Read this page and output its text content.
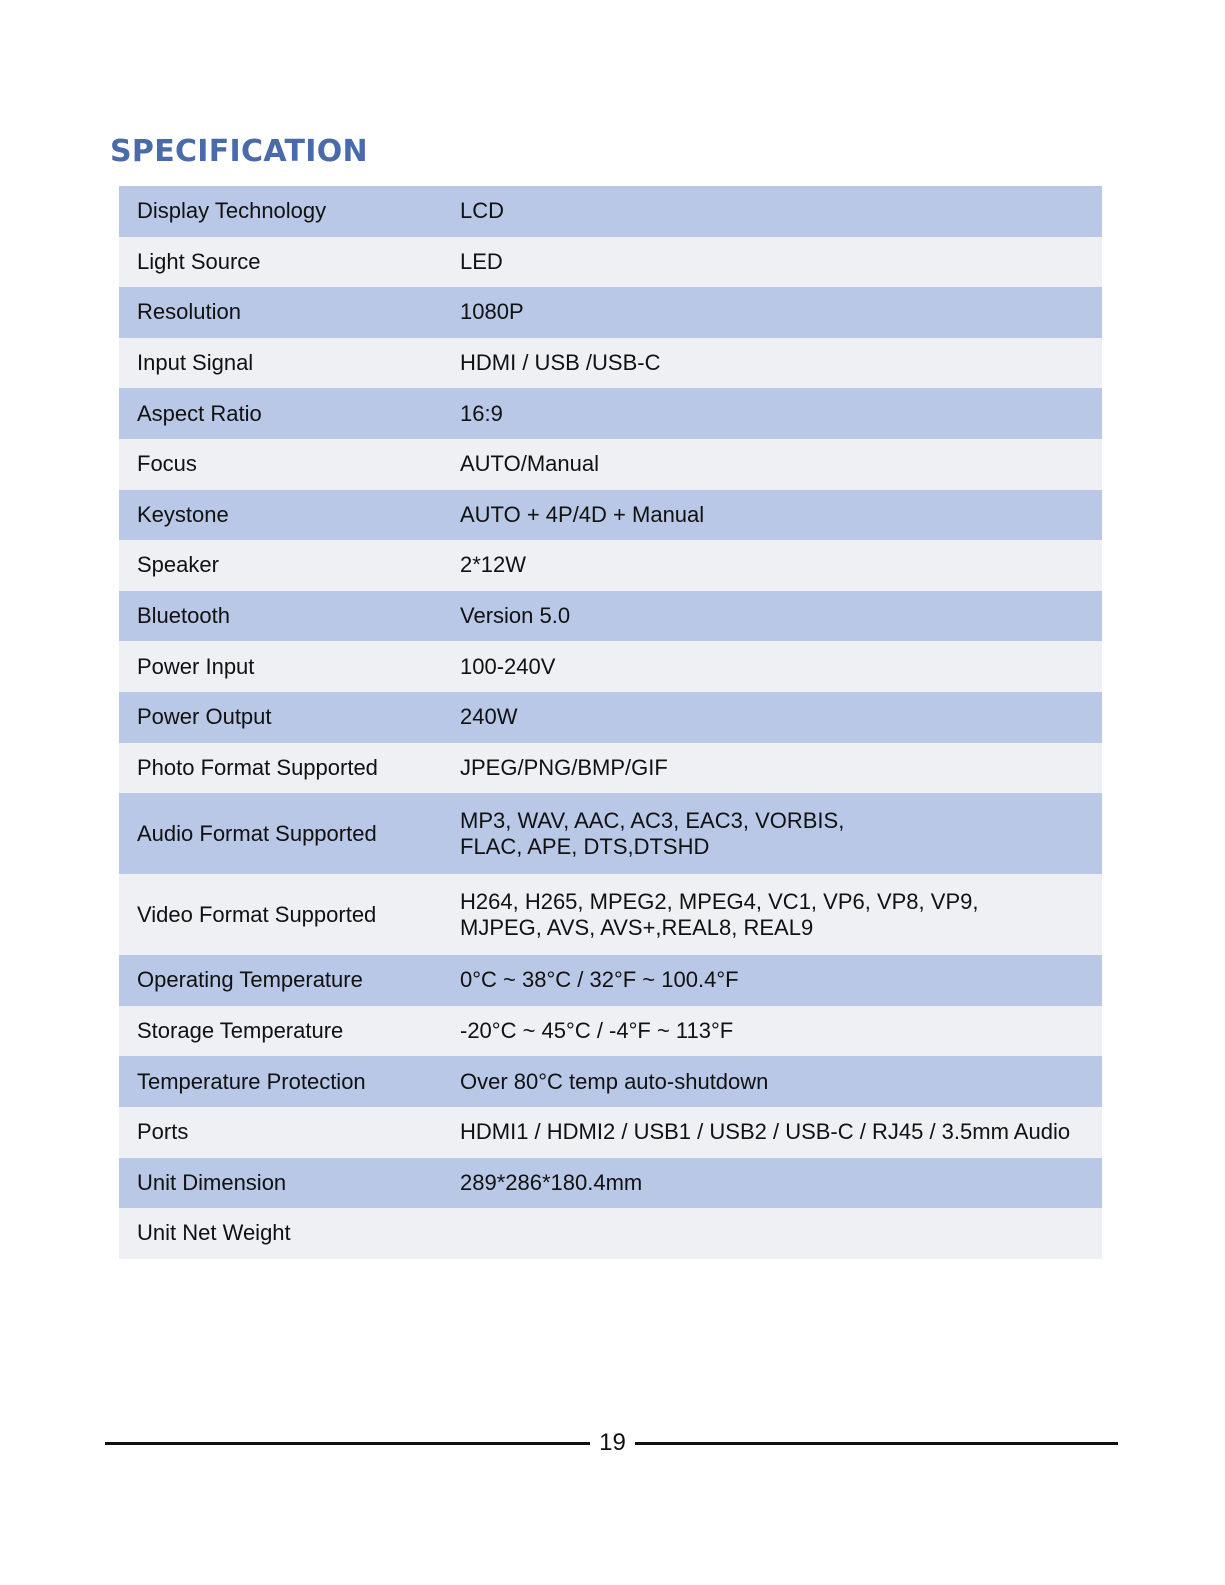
SPECIFICATION
Display Technology	LCD
Light Source	LED
Resolution	1080P
Input Signal	HDMI / USB /USB-C
Aspect Ratio	16:9
Focus	AUTO/Manual
Keystone	AUTO + 4P/4D + Manual
Speaker	2*12W
Bluetooth	Version 5.0
Power Input	100-240V
Power Output	240W
Photo Format Supported	JPEG/PNG/BMP/GIF
Audio Format Supported	MP3, WAV, AAC, AC3, EAC3, VORBIS,
FLAC, APE, DTS,DTSHD

Video Format Supported	H264, H265, MPEG2, MPEG4, VC1, VP6, VP8, VP9,
MJPEG, AVS, AVS+,REAL8, REAL9

Operating Temperature	0°C ~ 38°C / 32°F ~ 100.4°F
Storage Temperature	-20°C ~ 45°C / -4°F ~ 113°F
Temperature Protection	Over 80°C temp auto-shutdown
Ports	HDMI1 / HDMI2 / USB1 / USB2 / USB-C / RJ45 / 3.5mm Audio
Unit Dimension	289*286*180.4mm
Unit Net Weight	
19
